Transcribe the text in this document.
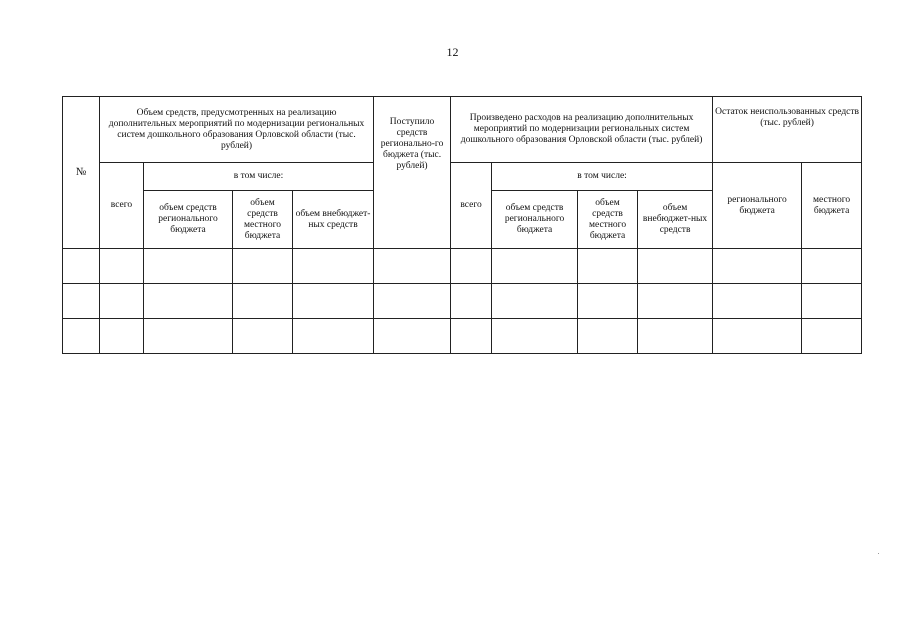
12
№	Объем средств, предусмотренных на реализацию дополнительных мероприятий по модернизации региональных систем дошкольного образования Орловской области (тыс. рублей)				Поступило средств регионально-го бюджета (тыс. рублей)	Произведено расходов на реализацию дополнительных мероприятий по модернизации региональных систем дошкольного образования Орловской области (тыс. рублей)				Остаток неиспользованных средств (тыс. рублей)	
	всего	в том числе:				всего	в том числе:			регионального бюджета	местного бюджета
		объем средств регионального бюджета	объем средств местного бюджета	объем внебюджет-ных средств			объем средств регионального бюджета	объем средств местного бюджета	объем внебюджет-ных средств		
